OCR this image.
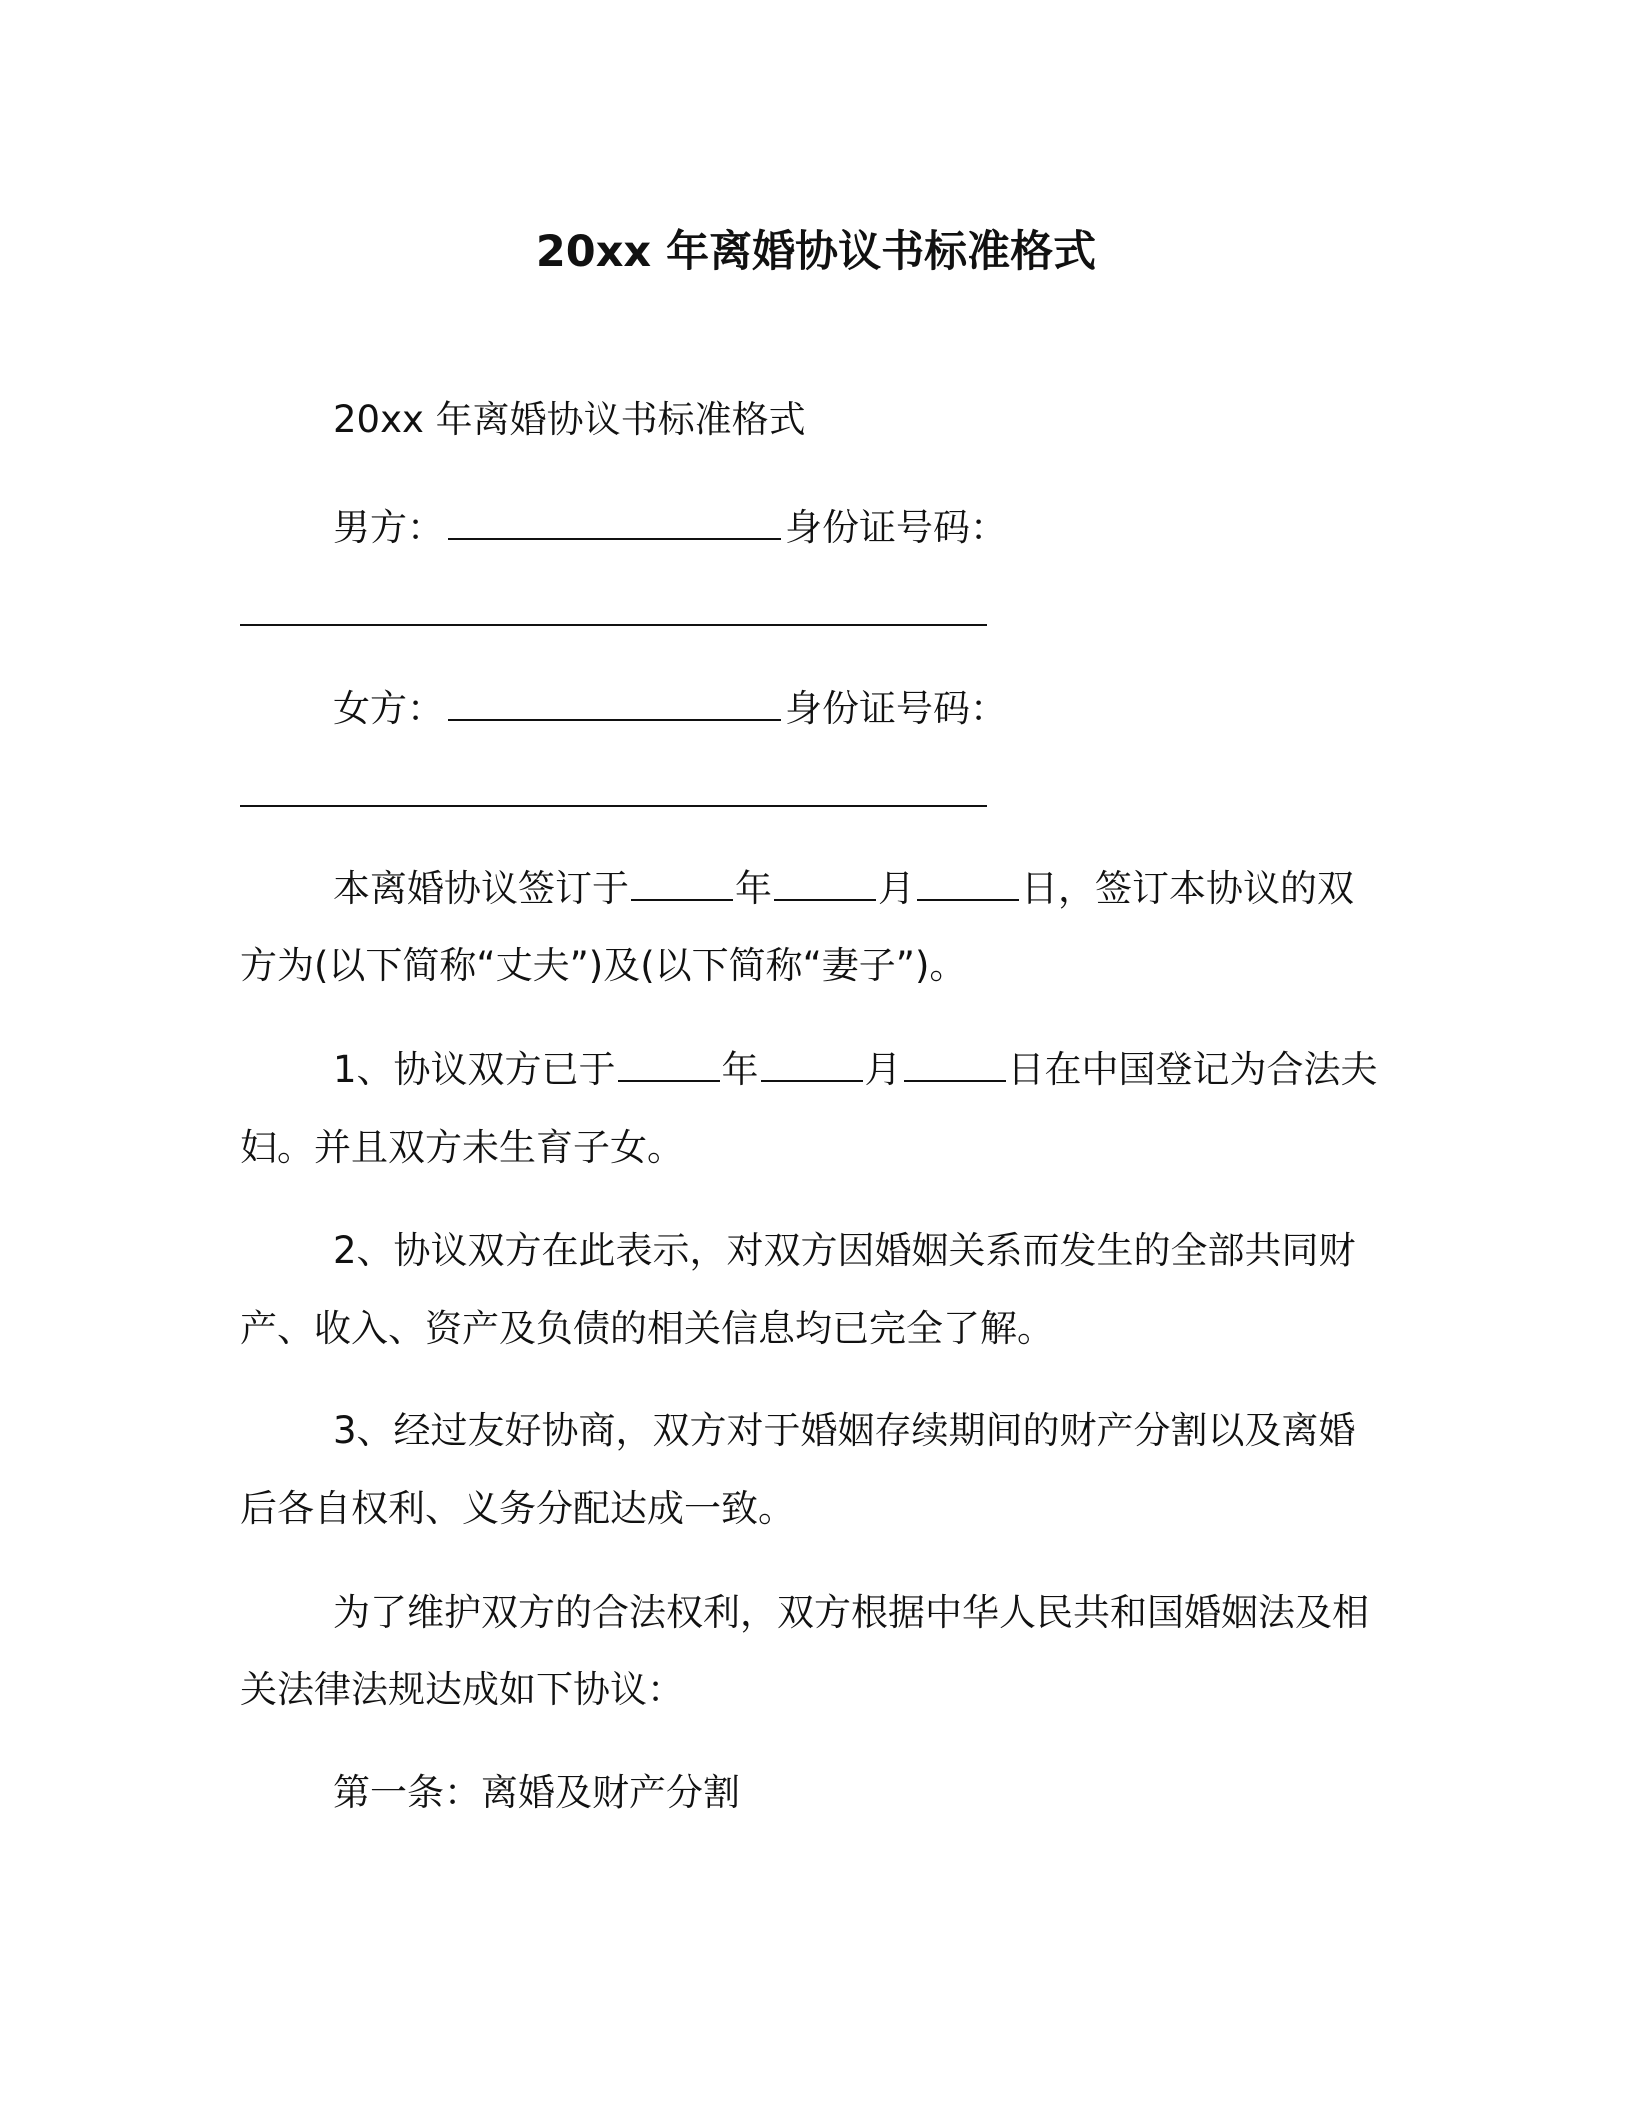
20xx 年离婚协议书标准格式
20xx 年离婚协议书标准格式
男方：	身份证号码：
女方：	身份证号码：
本离婚协议签订于	年	月	日，签订本协议的双
方为(以下简称“丈夫”)及(以下简称“妻子”)。
1、协议双方已于	年	月	日在中国登记为合法夫
妇。并且双方未生育子女。
2、协议双方在此表示，对双方因婚姻关系而发生的全部共同财
产、收入、资产及负债的相关信息均已完全了解。
3、经过友好协商，双方对于婚姻存续期间的财产分割以及离婚
后各自权利、义务分配达成一致。
为了维护双方的合法权利，双方根据中华人民共和国婚姻法及相
关法律法规达成如下协议：
第一条：离婚及财产分割
